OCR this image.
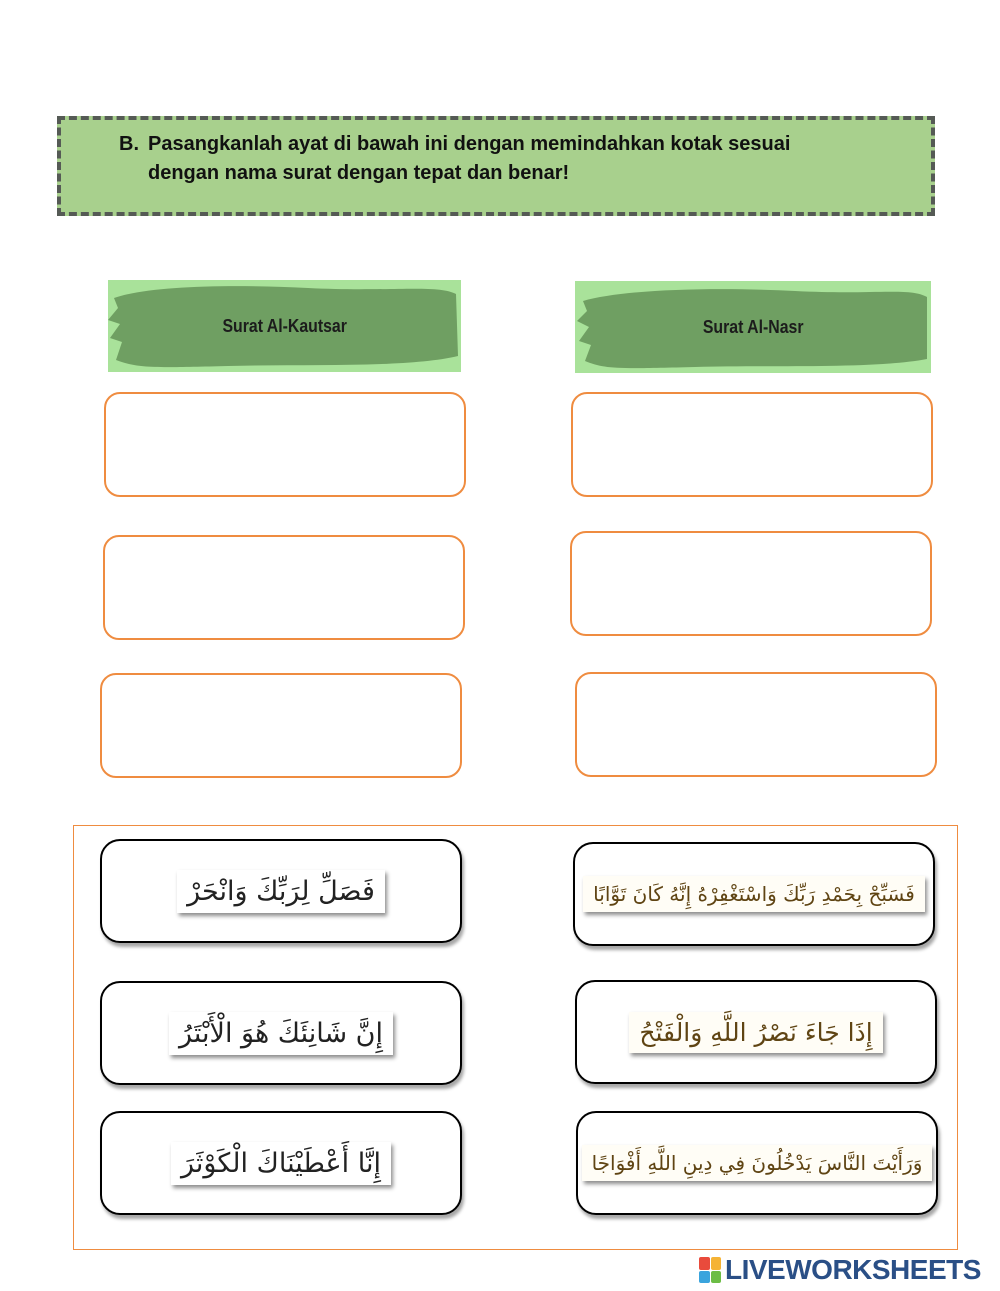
B. Pasangkanlah ayat di bawah ini dengan memindahkan kotak sesuai
dengan nama surat dengan tepat dan benar!
Surat Al-Kautsar	Surat Al-Nasr
فَصَلِّ لِرَبِّكَ وَانْحَرْ	فَسَبِّحْ بِحَمْدِ رَبِّكَ وَاسْتَغْفِرْهُ إِنَّهُ كَانَ تَوَّابًا
إِنَّ شَانِئَكَ هُوَ الْأَبْتَرُ	إِذَا جَاءَ نَصْرُ اللَّهِ وَالْفَتْحُ
إِنَّا أَعْطَيْنَاكَ الْكَوْثَرَ	وَرَأَيْتَ النَّاسَ يَدْخُلُونَ فِي دِينِ اللَّهِ أَفْوَاجًا
LIVEWORKSHEETS
